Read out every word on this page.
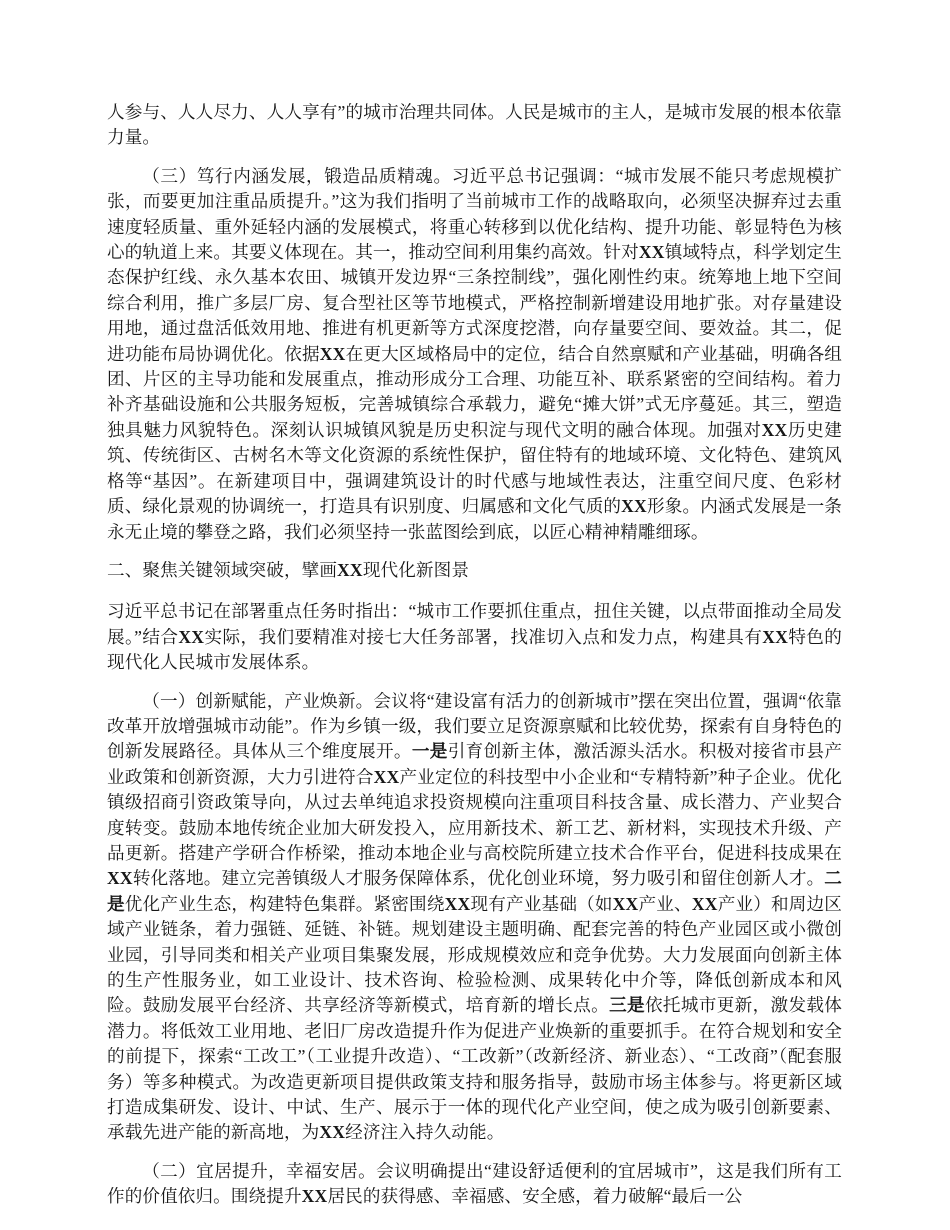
人参与、人人尽力、人人享有”的城市治理共同体。人民是城市的主人，是城市发展的根本依靠力量。

（三）笃行内涵发展，锻造品质精魂。习近平总书记强调：“城市发展不能只考虑规模扩张，而要更加注重品质提升。”这为我们指明了当前城市工作的战略取向，必须坚决摒弃过去重速度轻质量、重外延轻内涵的发展模式，将重心转移到以优化结构、提升功能、彰显特色为核心的轨道上来。其要义体现在。其一，推动空间利用集约高效。针对XX镇域特点，科学划定生态保护红线、永久基本农田、城镇开发边界“三条控制线”，强化刚性约束。统筹地上地下空间综合利用，推广多层厂房、复合型社区等节地模式，严格控制新增建设用地扩张。对存量建设用地，通过盘活低效用地、推进有机更新等方式深度挖潜，向存量要空间、要效益。其二，促进功能布局协调优化。依据XX在更大区域格局中的定位，结合自然禀赋和产业基础，明确各组团、片区的主导功能和发展重点，推动形成分工合理、功能互补、联系紧密的空间结构。着力补齐基础设施和公共服务短板，完善城镇综合承载力，避免“摊大饼”式无序蔓延。其三，塑造独具魅力风貌特色。深刻认识城镇风貌是历史积淀与现代文明的融合体现。加强对XX历史建筑、传统街区、古树名木等文化资源的系统性保护，留住特有的地域环境、文化特色、建筑风格等“基因”。在新建项目中，强调建筑设计的时代感与地域性表达，注重空间尺度、色彩材质、绿化景观的协调统一，打造具有识别度、归属感和文化气质的XX形象。内涵式发展是一条永无止境的攀登之路，我们必须坚持一张蓝图绘到底，以匠心精神精雕细琢。

二、聚焦关键领域突破，擘画XX现代化新图景

习近平总书记在部署重点任务时指出：“城市工作要抓住重点，扭住关键，以点带面推动全局发展。”结合XX实际，我们要精准对接七大任务部署，找准切入点和发力点，构建具有XX特色的现代化人民城市发展体系。

（一）创新赋能，产业焕新。会议将“建设富有活力的创新城市”摆在突出位置，强调“依靠改革开放增强城市动能”。作为乡镇一级，我们要立足资源禀赋和比较优势，探索有自身特色的创新发展路径。具体从三个维度展开。一是引育创新主体，激活源头活水。积极对接省市县产业政策和创新资源，大力引进符合XX产业定位的科技型中小企业和“专精特新”种子企业。优化镇级招商引资政策导向，从过去单纯追求投资规模向注重项目科技含量、成长潜力、产业契合度转变。鼓励本地传统企业加大研发投入，应用新技术、新工艺、新材料，实现技术升级、产品更新。搭建产学研合作桥梁，推动本地企业与高校院所建立技术合作平台，促进科技成果在XX转化落地。建立完善镇级人才服务保障体系，优化创业环境，努力吸引和留住创新人才。二是优化产业生态，构建特色集群。紧密围绕XX现有产业基础（如XX产业、XX产业）和周边区域产业链条，着力强链、延链、补链。规划建设主题明确、配套完善的特色产业园区或小微创业园，引导同类和相关产业项目集聚发展，形成规模效应和竞争优势。大力发展面向创新主体的生产性服务业，如工业设计、技术咨询、检验检测、成果转化中介等，降低创新成本和风险。鼓励发展平台经济、共享经济等新模式，培育新的增长点。三是依托城市更新，激发载体潜力。将低效工业用地、老旧厂房改造提升作为促进产业焕新的重要抓手。在符合规划和安全的前提下，探索“工改工”（工业提升改造）、“工改新”（改新经济、新业态）、“工改商”（配套服务）等多种模式。为改造更新项目提供政策支持和服务指导，鼓励市场主体参与。将更新区域打造成集研发、设计、中试、生产、展示于一体的现代化产业空间，使之成为吸引创新要素、承载先进产能的新高地，为XX经济注入持久动能。

（二）宜居提升，幸福安居。会议明确提出“建设舒适便利的宜居城市”，这是我们所有工作的价值依归。围绕提升XX居民的获得感、幸福感、安全感，着力破解“最后一公
